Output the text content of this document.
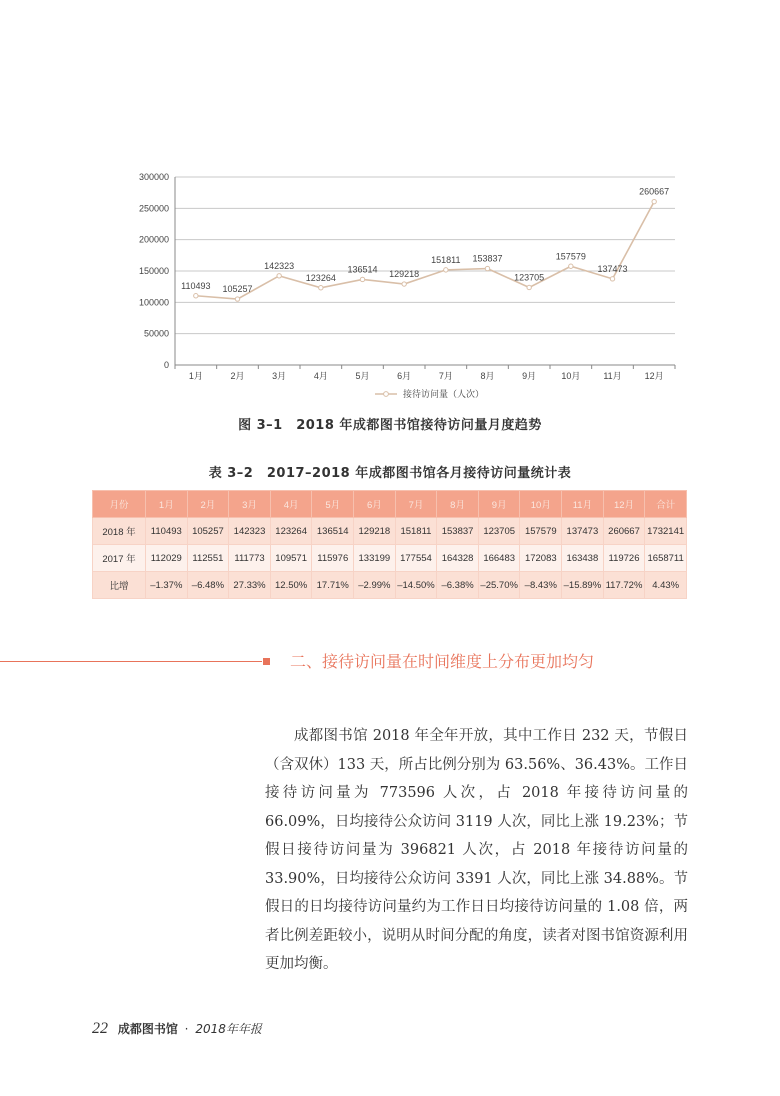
0
50000
100000
150000
200000
250000
300000
1月	2月	3月	4月	5月	6月	7月	8月	9月	10月	11月	12月
110493 105257
142323
123264
136514 129218
151811 153837
123705
157579
137473
260667
接待访问量（人次）
图 3–1　2018 年成都图书馆接待访问量月度趋势
表 3–2　2017–2018 年成都图书馆各月接待访问量统计表
月份	1月	2月	3月	4月	5月	6月	7月	8月	9月	10月	11月	12月	合计
2018 年	110493	105257	142323	123264	136514	129218	151811	153837	123705	157579	137473	260667	1732141
2017 年	112029	112551	111773	109571	115976	133199	177554	164328	166483	172083	163438	119726	1658711
比增	–1.37%	–6.48%	27.33%	12.50%	17.71%	–2.99%	–14.50%	–6.38%	–25.70%	–8.43%	–15.89%	117.72%	4.43%
二、接待访问量在时间维度上分布更加均匀

成都图书馆 2018 年全年开放，其中工作日 232 天，节假日（含双休）133 天，所占比例分别为 63.56%、36.43%。工作日接待访问量为 773596 人次，占 2018 年接待访问量的 66.09%，日均接待公众访问 3119 人次，同比上涨 19.23%；节假日接待访问量为 396821 人次，占 2018 年接待访问量的 33.90%，日均接待公众访问 3391 人次，同比上涨 34.88%。节假日的日均接待访问量约为工作日日均接待访问量的 1.08 倍，两者比例差距较小，说明从时间分配的角度，读者对图书馆资源利用更加均衡。

22 成都图书馆 · 2018年年报
